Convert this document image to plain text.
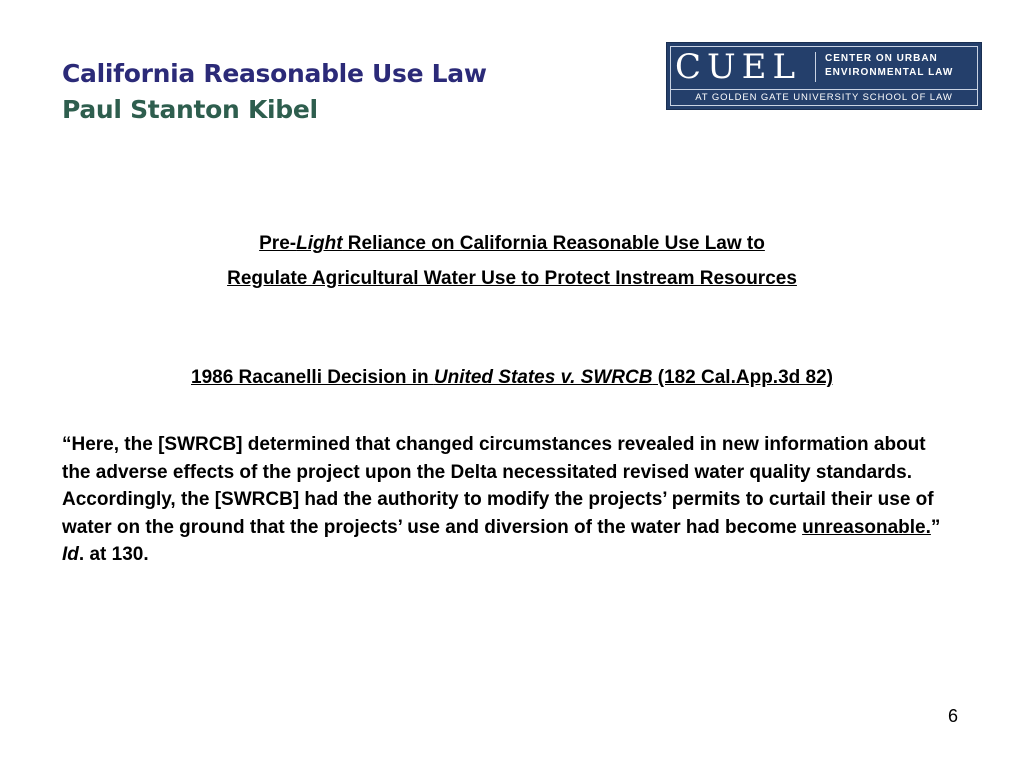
California Reasonable Use Law
Paul Stanton Kibel
CUEL CENTER ON URBAN
ENVIRONMENTAL LAW
AT GOLDEN GATE UNIVERSITY SCHOOL OF LAW
Pre-Light Reliance on California Reasonable Use Law to
Regulate Agricultural Water Use to Protect Instream Resources
1986 Racanelli Decision in United States v. SWRCB (182 Cal.App.3d 82)
“Here, the [SWRCB] determined that changed circumstances revealed in new information about the adverse effects of the project upon the Delta necessitated revised water quality standards. Accordingly, the [SWRCB] had the authority to modify the projects’ permits to curtail their use of water on the ground that the projects’ use and diversion of the water had become unreasonable.” Id. at 130.
6
